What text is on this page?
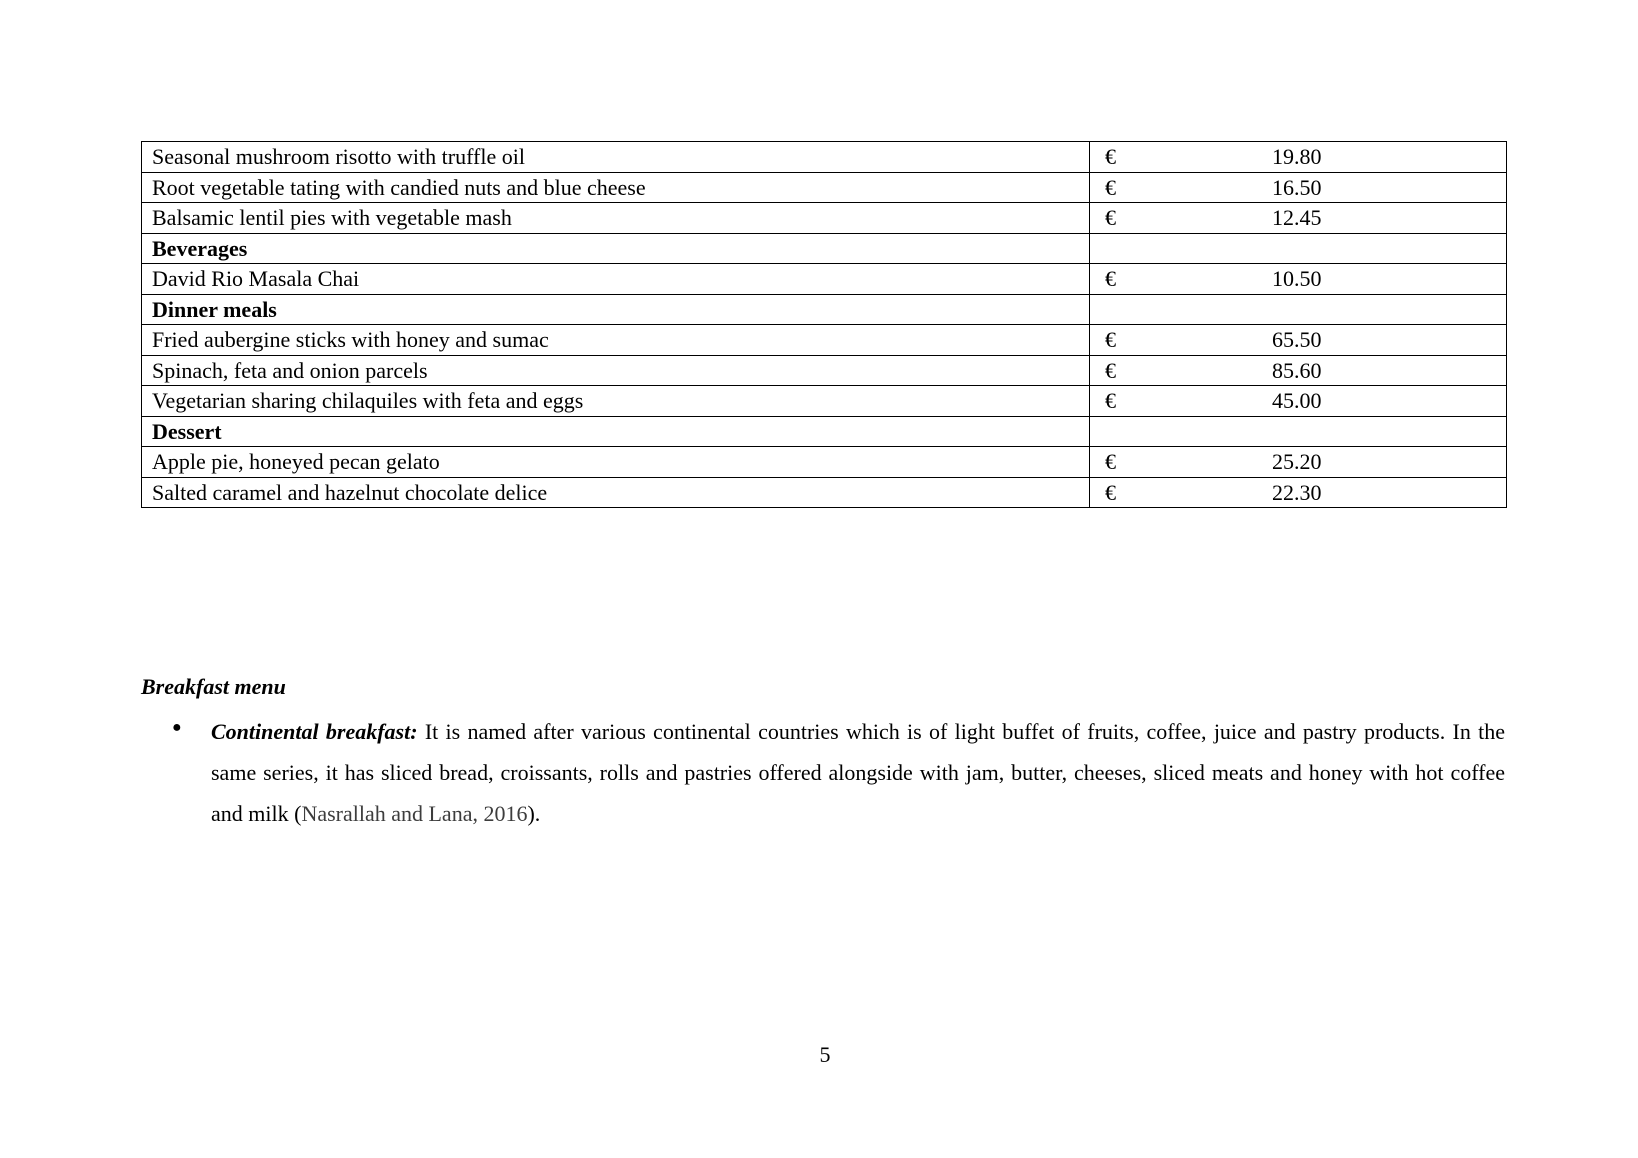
Seasonal mushroom risotto with truffle oil	€ 19.80

Root vegetable tating with candied nuts and blue cheese	€ 16.50

Balsamic lentil pies with vegetable mash	€ 12.45

Beverages	
David Rio Masala Chai	€ 10.50

Dinner meals	
Fried aubergine sticks with honey and sumac	€ 65.50

Spinach, feta and onion parcels	€ 85.60

Vegetarian sharing chilaquiles with feta and eggs	€ 45.00

Dessert	
Apple pie, honeyed pecan gelato	€ 25.20

Salted caramel and hazelnut chocolate delice	€ 22.30
Breakfast menu
● Continental breakfast: It is named after various continental countries which is of light buffet of fruits, coffee, juice and pastry products. In the same series, it has sliced bread, croissants, rolls and pastries offered alongside with jam, butter, cheeses, sliced meats and honey with hot coffee and milk (Nasrallah and Lana, 2016).

5
